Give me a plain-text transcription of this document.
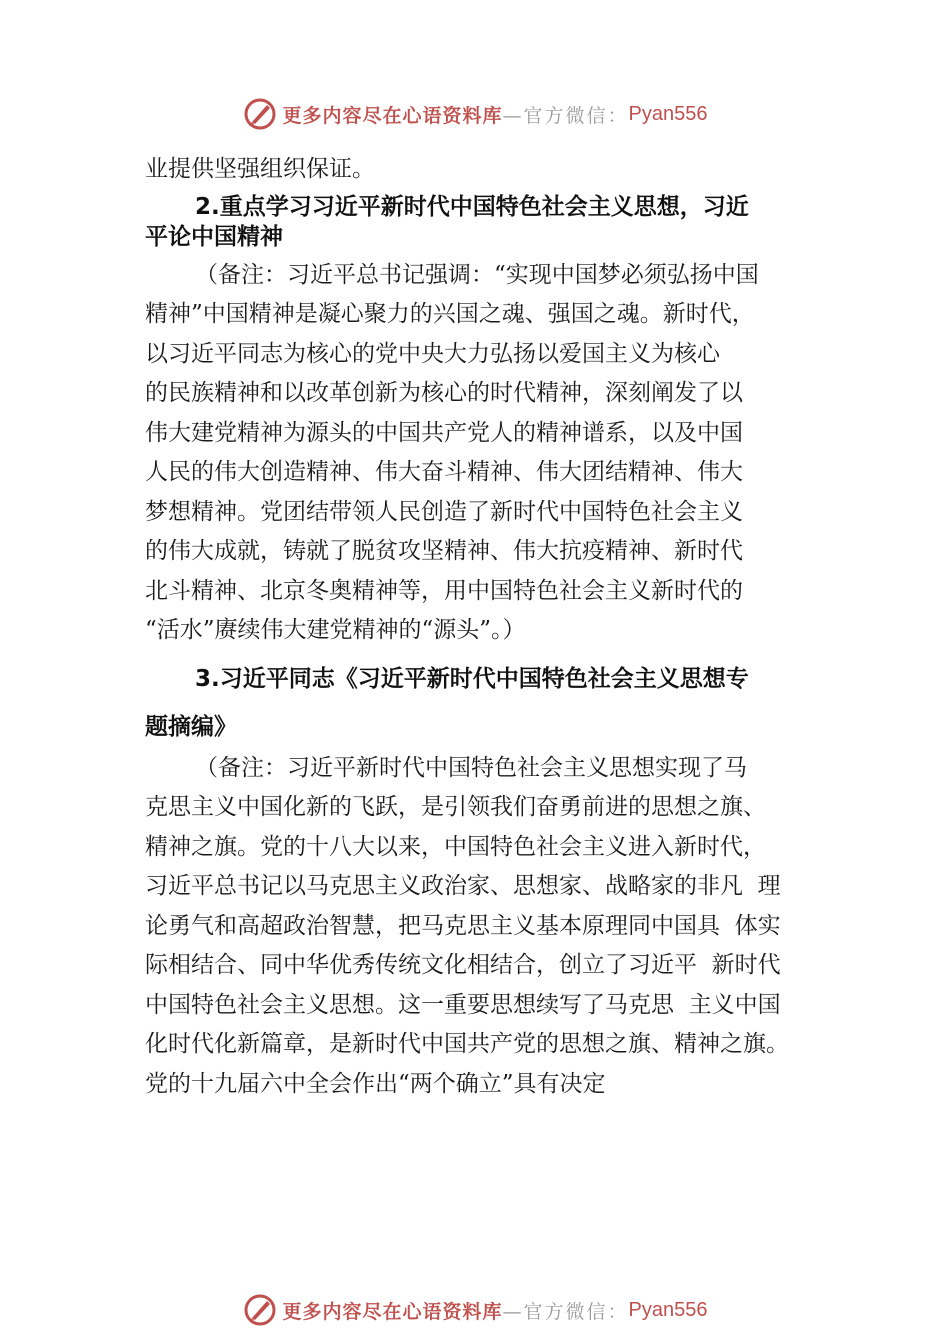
更多内容尽在心语资料库 —官方微信： Pyan556

业提供坚强组织保证。

2.重点学习习近平新时代中国特色社会主义思想，习近
平论中国精神

（备注：习近平总书记强调：“实现中国梦必须弘扬中国
精神”中国精神是凝心聚力的兴国之魂、强国之魂。新时代，
以习近平同志为核心的党中央大力弘扬以爱国主义为核心
的民族精神和以改革创新为核心的时代精神，深刻阐发了以
伟大建党精神为源头的中国共产党人的精神谱系，以及中国
人民的伟大创造精神、伟大奋斗精神、伟大团结精神、伟大
梦想精神。党团结带领人民创造了新时代中国特色社会主义
的伟大成就，铸就了脱贫攻坚精神、伟大抗疫精神、新时代
北斗精神、北京冬奥精神等，用中国特色社会主义新时代的
“活水”赓续伟大建党精神的“源头”。）

3.习近平同志《习近平新时代中国特色社会主义思想专
题摘编》

（备注：习近平新时代中国特色社会主义思想实现了马
克思主义中国化新的飞跃，是引领我们奋勇前进的思想之旗、
精神之旗。党的十八大以来，中国特色社会主义进入新时代，
习近平总书记以马克思主义政治家、思想家、战略家的非凡  理
论勇气和高超政治智慧，把马克思主义基本原理同中国具  体实
际相结合、同中华优秀传统文化相结合，创立了习近平  新时代
中国特色社会主义思想。这一重要思想续写了马克思  主义中国
化时代化新篇章，是新时代中国共产党的思想之旗、精神之旗。
党的十九届六中全会作出“两个确立”具有决定

更多内容尽在心语资料库 —官方微信： Pyan556
